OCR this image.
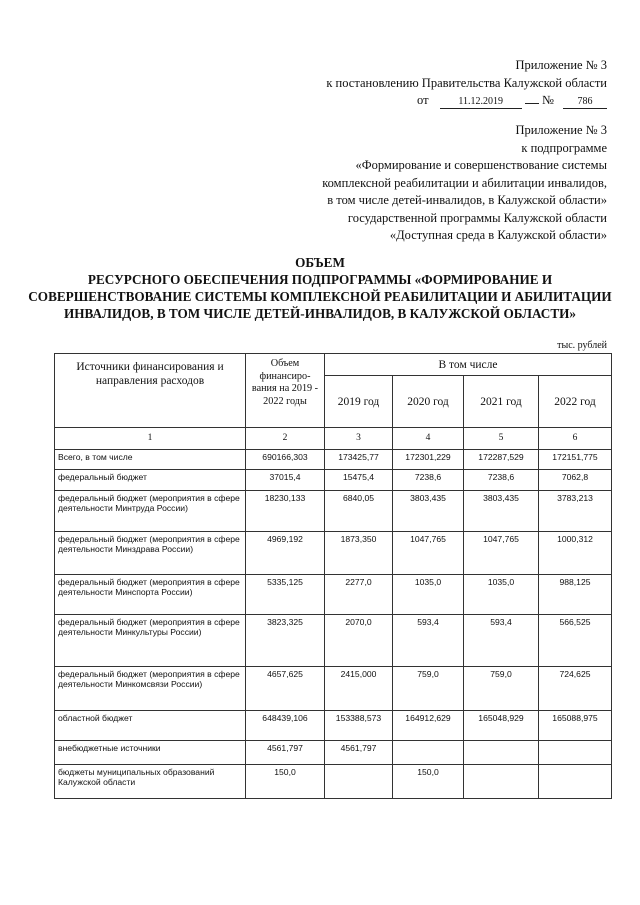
Приложение № 3
к постановлению Правительства Калужской области
от	11.12.2019	№ 786
Приложение № 3
к подпрограмме
«Формирование и совершенствование системы
комплексной реабилитации и абилитации инвалидов,
в том числе детей-инвалидов, в Калужской области»
государственной программы Калужской области
«Доступная среда в Калужской области»
ОБЪЕМ
РЕСУРСНОГО ОБЕСПЕЧЕНИЯ ПОДПРОГРАММЫ «ФОРМИРОВАНИЕ И СОВЕРШЕНСТВОВАНИЕ СИСТЕМЫ КОМПЛЕКСНОЙ РЕАБИЛИТАЦИИ И АБИЛИТАЦИИ ИНВАЛИДОВ, В ТОМ ЧИСЛЕ ДЕТЕЙ-ИНВАЛИДОВ, В КАЛУЖСКОЙ ОБЛАСТИ»
тыс. рублей
Источники финансирования и направления расходов	Объем финансиро-вания на 2019 - 2022 годы	В том числе			
		2019 год	2020 год	2021 год	2022 год
1	2	3	4	5	6
Всего, в том числе	690166,303	173425,77	172301,229	172287,529	172151,775
федеральный бюджет	37015,4	15475,4	7238,6	7238,6	7062,8
федеральный бюджет (мероприятия в сфере деятельности Минтруда России)	18230,133	6840,05	3803,435	3803,435	3783,213
федеральный бюджет (мероприятия в сфере деятельности Минздрава России)	4969,192	1873,350	1047,765	1047,765	1000,312
федеральный бюджет (мероприятия в сфере деятельности Минспорта России)	5335,125	2277,0	1035,0	1035,0	988,125
федеральный бюджет (мероприятия в сфере деятельности Минкультуры России)	3823,325	2070,0	593,4	593,4	566,525
федеральный бюджет (мероприятия в сфере деятельности Минкомсвязи России)	4657,625	2415,000	759,0	759,0	724,625
областной бюджет	648439,106	153388,573	164912,629	165048,929	165088,975
внебюджетные источники	4561,797	4561,797			
бюджеты муниципальных образований Калужской области	150,0		150,0		
